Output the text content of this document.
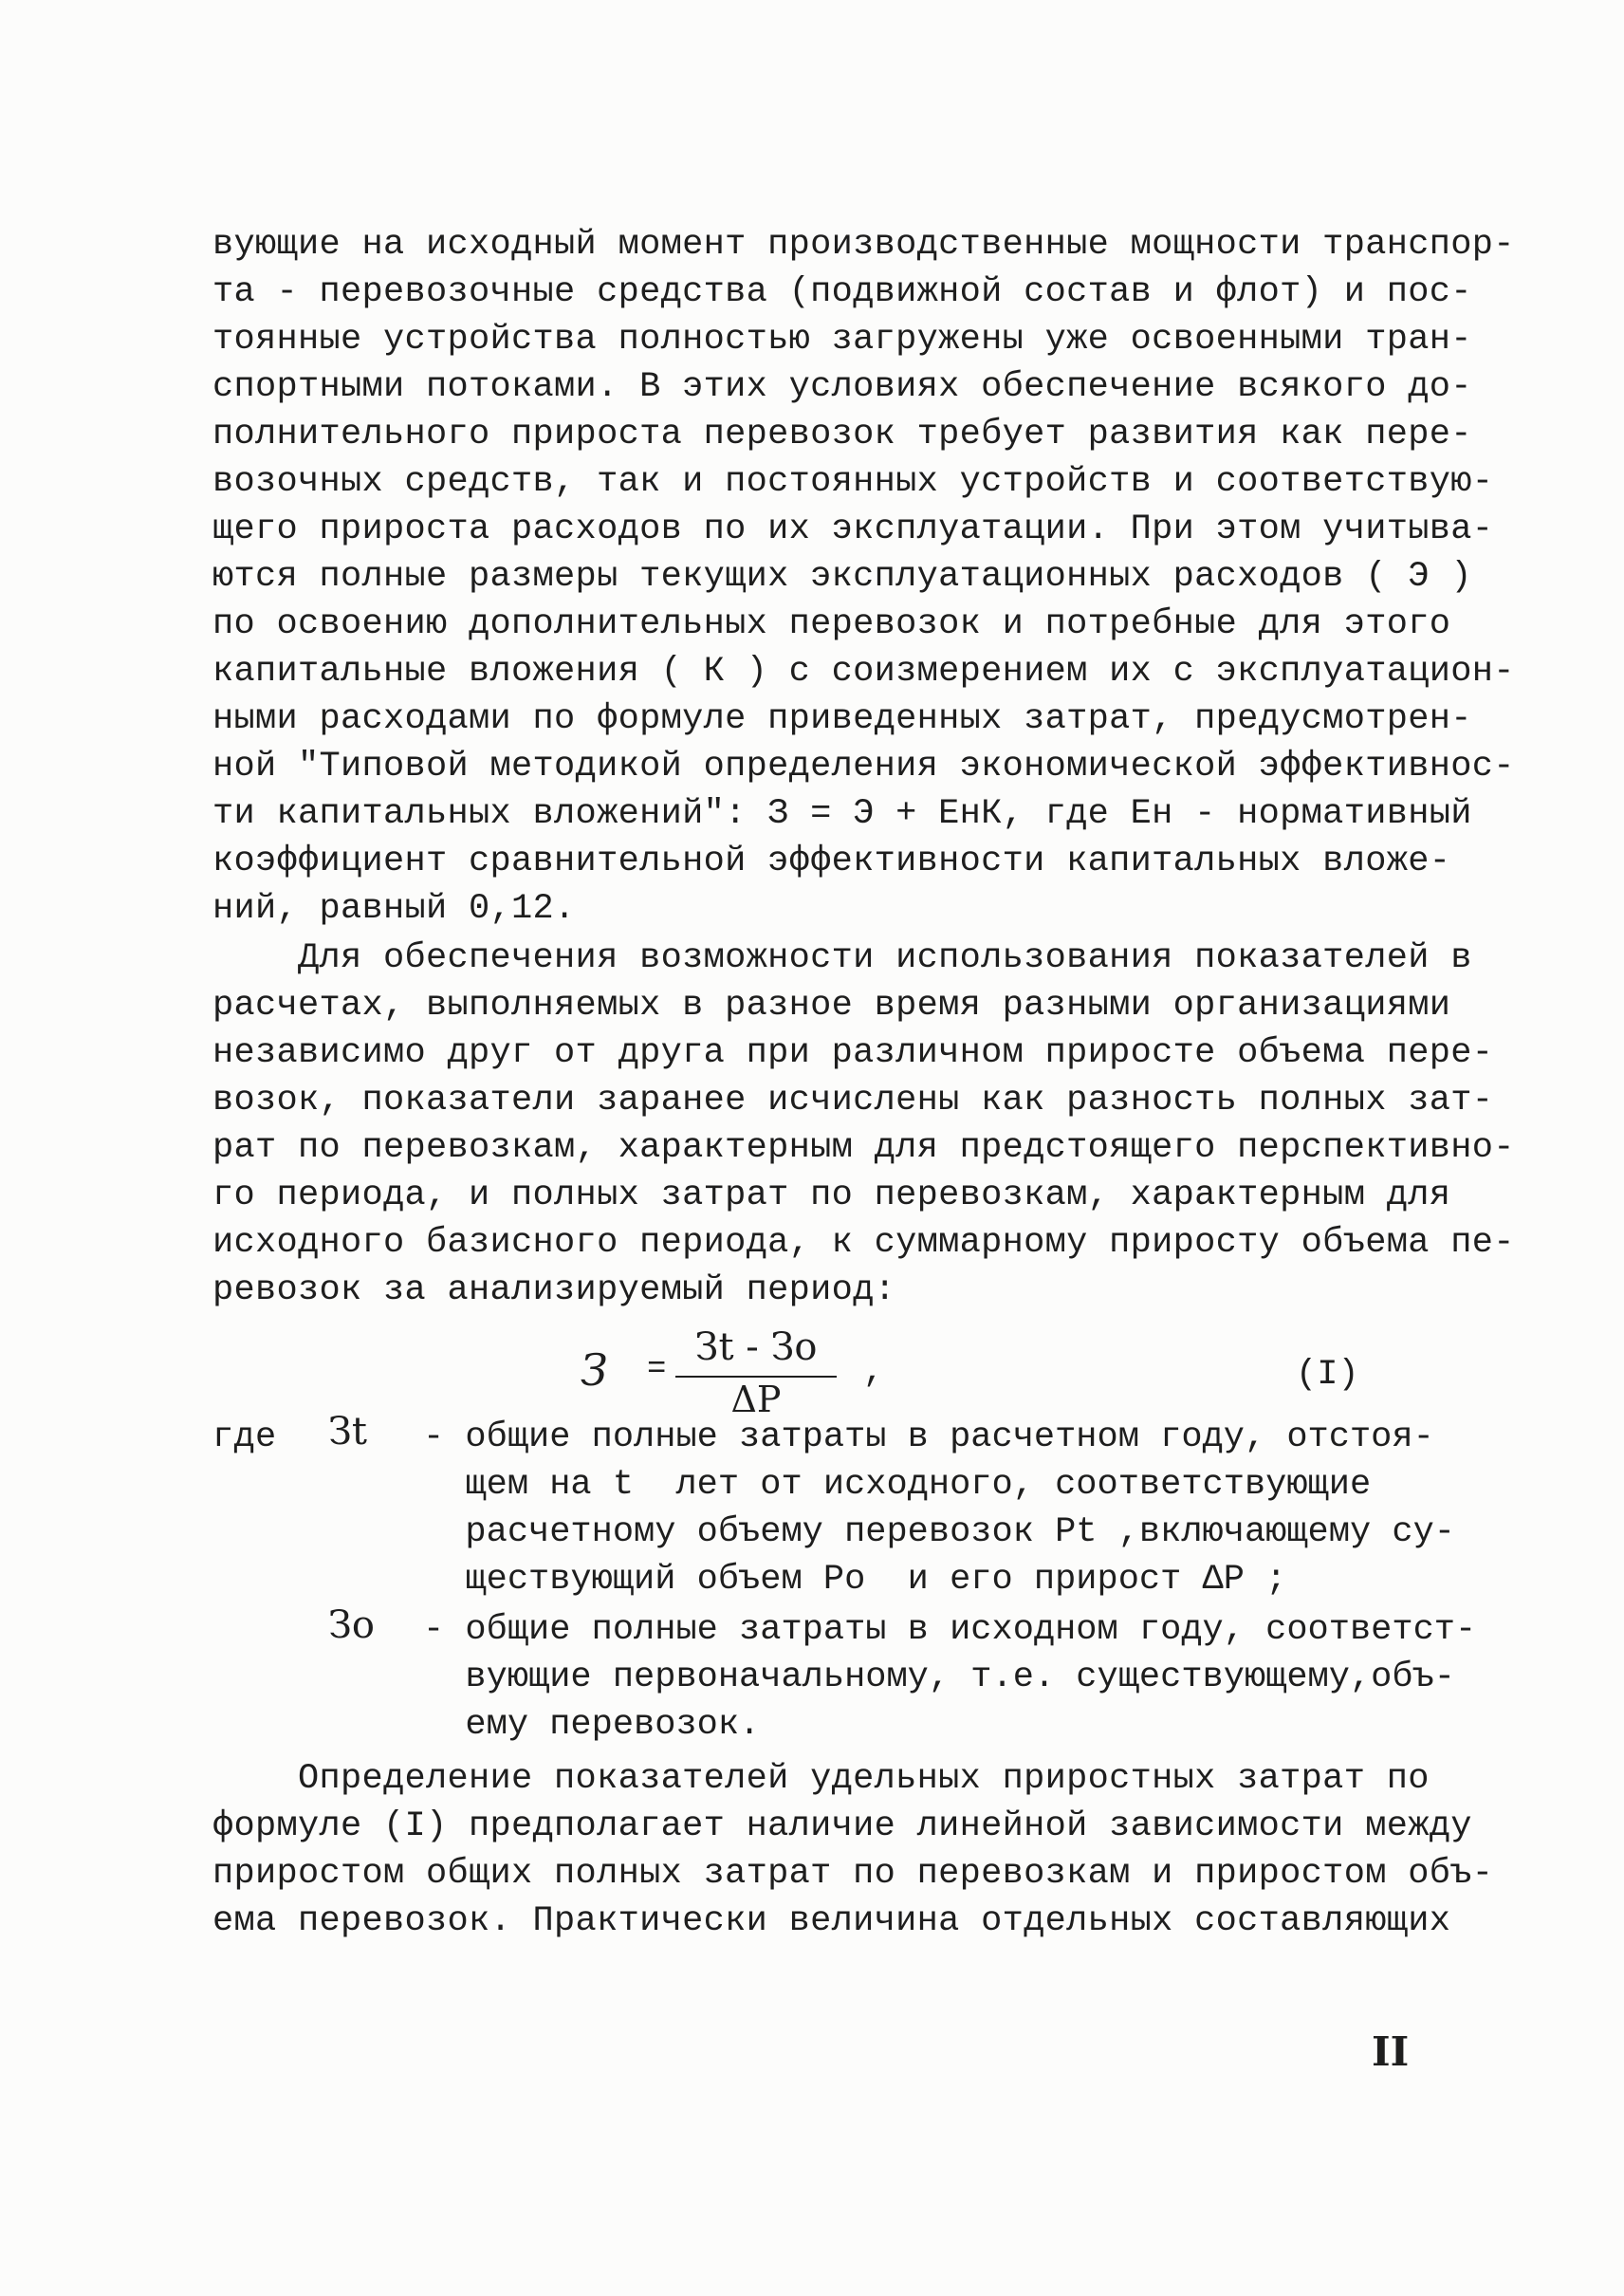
вующие на исходный момент производственные мощности транспор-
та - перевозочные средства (подвижной состав и флот) и пос-
тоянные устройства полностью загружены уже освоенными тран-
спортными потоками. В этих условиях обеспечение всякого до-
полнительного прироста перевозок требует развития как пере-
возочных средств, так и постоянных устройств и соответствую-
щего прироста расходов по их эксплуатации. При этом учитыва-
ются полные размеры текущих эксплуатационных расходов ( Э )
по освоению дополнительных перевозок и потребные для этого
капитальные вложения ( К ) с соизмерением их с эксплуатацион-
ными расходами по формуле приведенных затрат, предусмотрен-
ной "Типовой методикой определения экономической эффективнос-
ти капитальных вложений": З = Э + ЕнК, где Ен - нормативный
коэффициент сравнительной эффективности капитальных вложе-
ний, равный 0,12.
Для обеспечения возможности использования показателей в
расчетах, выполняемых в разное время разными организациями
независимо друг от друга при различном приросте объема пере-
возок, показатели заранее исчислены как разность полных зат-
рат по перевозкам, характерным для предстоящего перспективно-
го периода, и полных затрат по перевозкам, характерным для
исходного базисного периода, к суммарному приросту объема пе-
ревозок за анализируемый период:
З =
Зt - Зo
ΔР
,	(I)
где Зt - общие полные затраты в расчетном году, отстоя-
щем на t  лет от исходного, соответствующие
расчетному объему перевозок Рt ,включающему су-
ществующий объем Ро  и его прирост ΔР ;
Зo - общие полные затраты в исходном году, соответст-
вующие первоначальному, т.е. существующему,объ-
ему перевозок.
Определение показателей удельных приростных затрат по
формуле (I) предполагает наличие линейной зависимости между
приростом общих полных затрат по перевозкам и приростом объ-
ема перевозок. Практически величина отдельных составляющих
II
